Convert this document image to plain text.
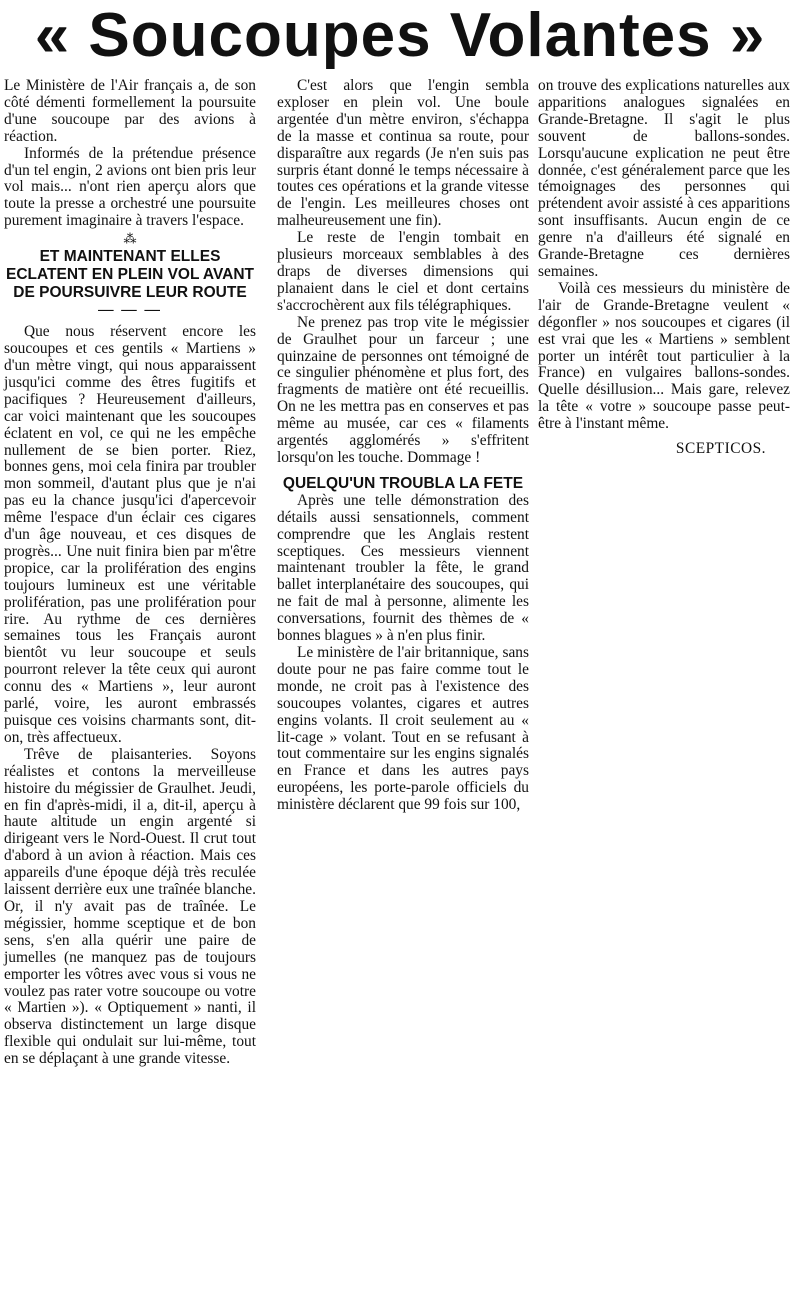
« Soucoupes Volantes »

Le Ministère de l'Air français a, de son côté démenti formellement la poursuite d'une soucoupe par des avions à réaction.

Informés de la prétendue présence d'un tel engin, 2 avions ont bien pris leur vol mais... n'ont rien aperçu alors que toute la presse a orchestré une poursuite purement imaginaire à travers l'espace.

⁂
ET MAINTENANT ELLES ECLATENT EN PLEIN VOL AVANT DE POURSUIVRE LEUR ROUTE
— — —

Que nous réservent encore les soucoupes et ces gentils « Martiens » d'un mètre vingt, qui nous apparaissent jusqu'ici comme des êtres fugitifs et pacifiques ? Heureusement d'ailleurs, car voici maintenant que les soucoupes éclatent en vol, ce qui ne les empêche nullement de se bien porter. Riez, bonnes gens, moi cela finira par troubler mon sommeil, d'autant plus que je n'ai pas eu la chance jusqu'ici d'apercevoir même l'espace d'un éclair ces cigares d'un âge nouveau, et ces disques de progrès... Une nuit finira bien par m'être propice, car la prolifération des engins toujours lumineux est une véritable prolifération, pas une prolifération pour rire. Au rythme de ces dernières semaines tous les Français auront bientôt vu leur soucoupe et seuls pourront relever la tête ceux qui auront connu des « Martiens », leur auront parlé, voire, les auront embrassés puisque ces voisins charmants sont, dit-on, très affectueux.

Trêve de plaisanteries. Soyons réalistes et contons la merveilleuse histoire du mégissier de Graulhet. Jeudi, en fin d'après-midi, il a, dit-il, aperçu à haute altitude un engin argenté si dirigeant vers le Nord-Ouest. Il crut tout d'abord à un avion à réaction. Mais ces appareils d'une époque déjà très reculée laissent derrière eux une traînée blanche. Or, il n'y avait pas de traînée. Le mégissier, homme sceptique et de bon sens, s'en alla quérir une paire de jumelles (ne manquez pas de toujours emporter les vôtres avec vous si vous ne voulez pas rater votre soucoupe ou votre « Martien »). « Optiquement » nanti, il observa distinctement un large disque flexible qui ondulait sur lui-même, tout en se déplaçant à une grande vitesse.

C'est alors que l'engin sembla exploser en plein vol. Une boule argentée d'un mètre environ, s'échappa de la masse et continua sa route, pour disparaître aux regards (Je n'en suis pas surpris étant donné le temps nécessaire à toutes ces opérations et la grande vitesse de l'engin. Les meilleures choses ont malheureusement une fin).

Le reste de l'engin tombait en plusieurs morceaux semblables à des draps de diverses dimensions qui planaient dans le ciel et dont certains s'accrochèrent aux fils télégraphiques.

Ne prenez pas trop vite le mégissier de Graulhet pour un farceur ; une quinzaine de personnes ont témoigné de ce singulier phénomène et plus fort, des fragments de matière ont été recueillis. On ne les mettra pas en conserves et pas même au musée, car ces « filaments argentés agglomérés » s'effritent lorsqu'on les touche. Dommage !

QUELQU'UN TROUBLA LA FETE

Après une telle démonstration des détails aussi sensationnels, comment comprendre que les Anglais restent sceptiques. Ces messieurs viennent maintenant troubler la fête, le grand ballet interplanétaire des soucoupes, qui ne fait de mal à personne, alimente les conversations, fournit des thèmes de « bonnes blagues » à n'en plus finir.

Le ministère de l'air britannique, sans doute pour ne pas faire comme tout le monde, ne croit pas à l'existence des soucoupes volantes, cigares et autres engins volants. Il croit seulement au « lit-cage » volant. Tout en se refusant à tout commentaire sur les engins signalés en France et dans les autres pays européens, les porte-parole officiels du ministère déclarent que 99 fois sur 100,

on trouve des explications naturelles aux apparitions analogues signalées en Grande-Bretagne. Il s'agit le plus souvent de ballons-sondes. Lorsqu'aucune explication ne peut être donnée, c'est généralement parce que les témoignages des personnes qui prétendent avoir assisté à ces apparitions sont insuffisants. Aucun engin de ce genre n'a d'ailleurs été signalé en Grande-Bretagne ces dernières semaines.

Voilà ces messieurs du ministère de l'air de Grande-Bretagne veulent « dégonfler » nos soucoupes et cigares (il est vrai que les « Martiens » semblent porter un intérêt tout particulier à la France) en vulgaires ballons-sondes. Quelle désillusion... Mais gare, relevez la tête « votre » soucoupe passe peut-être à l'instant même.

SCEPTICOS.
